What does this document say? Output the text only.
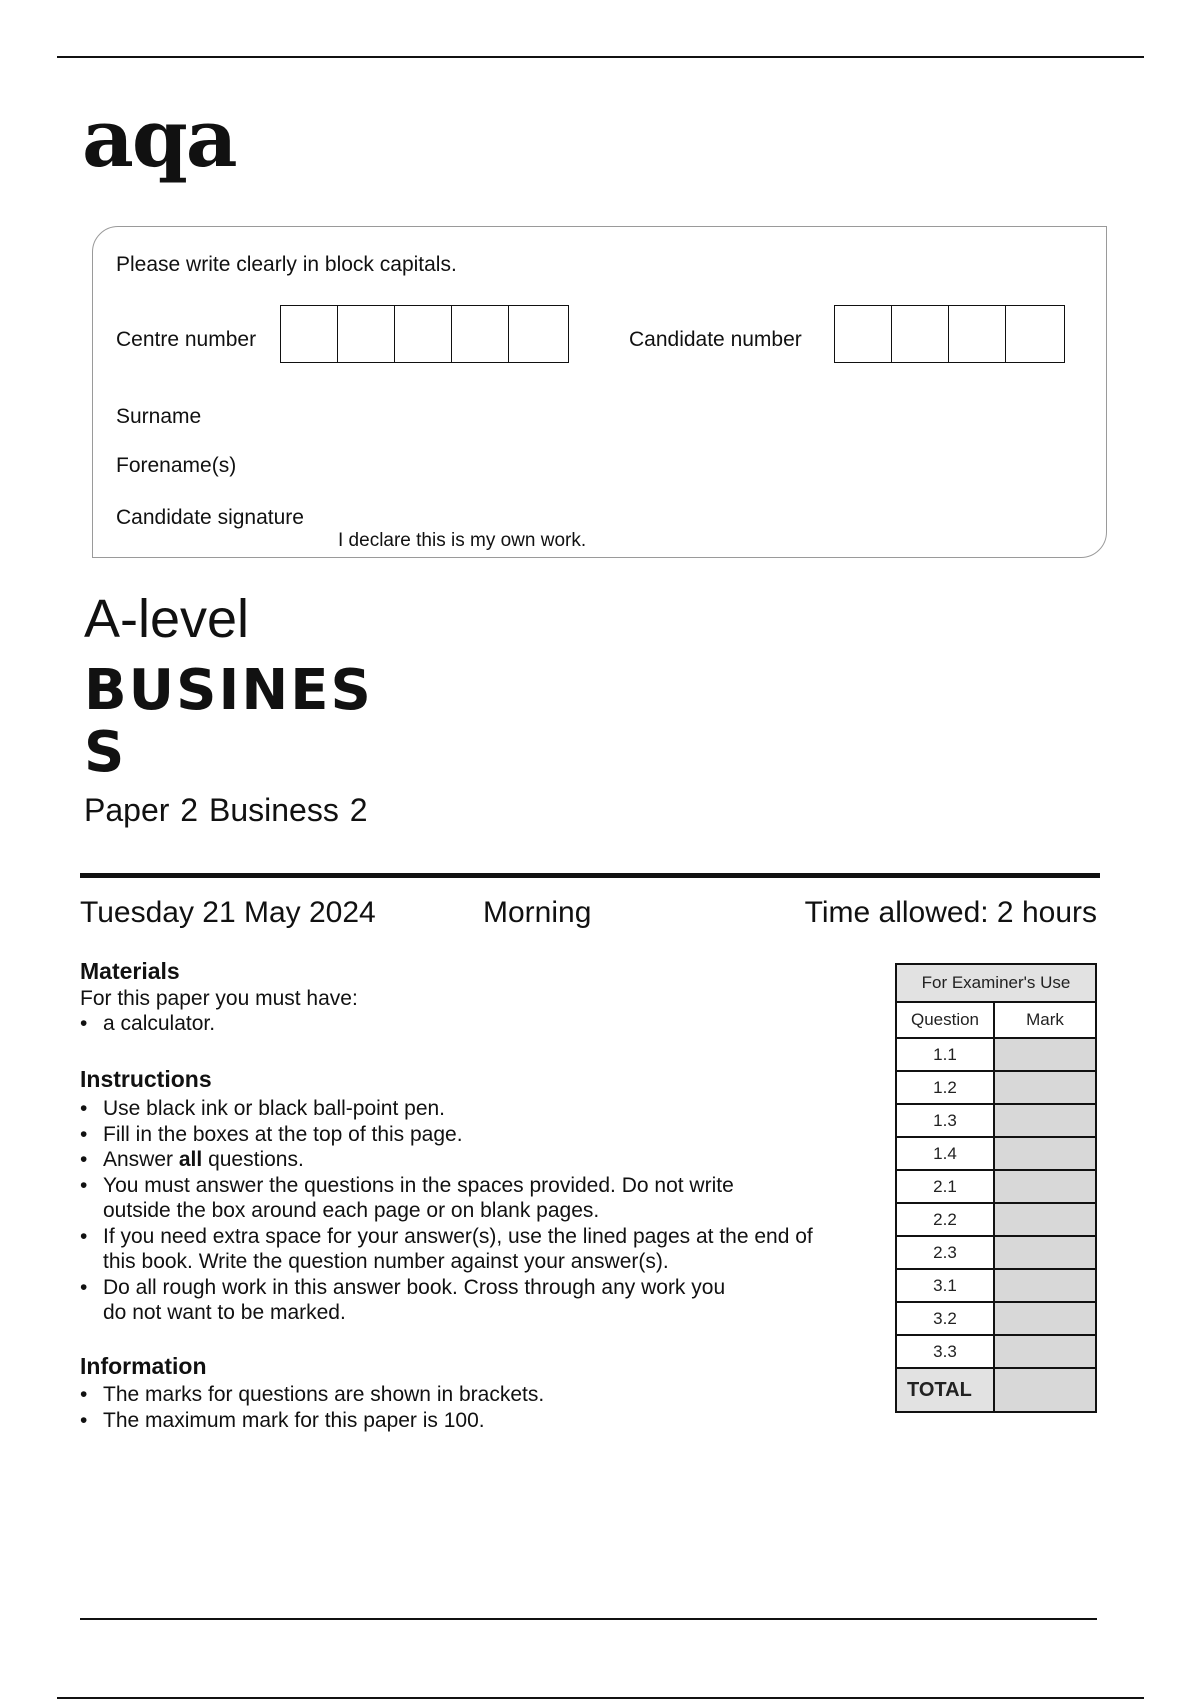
aqa
Please write clearly in block capitals.
Centre number	Candidate number
Surname
Forename(s)
Candidate signature
I declare this is my own work.
A-level
BUSINESS
Paper 2 Business 2
Tuesday 21 May 2024	Morning	Time allowed: 2 hours
Materials
For this paper you must have:
• a calculator.
Instructions
• Use black ink or black ball-point pen.
• Fill in the boxes at the top of this page.
• Answer all questions.
• You must answer the questions in the spaces provided. Do not write
outside the box around each page or on blank pages.
• If you need extra space for your answer(s), use the lined pages at the end of
this book. Write the question number against your answer(s).
• Do all rough work in this answer book. Cross through any work you
do not want to be marked.
Information
• The marks for questions are shown in brackets.
• The maximum mark for this paper is 100.
For Examiner's Use	
Question	Mark
1.1	
1.2	
1.3	
1.4	
2.1	
2.2	
2.3	
3.1	
3.2	
3.3	
TOTAL	
